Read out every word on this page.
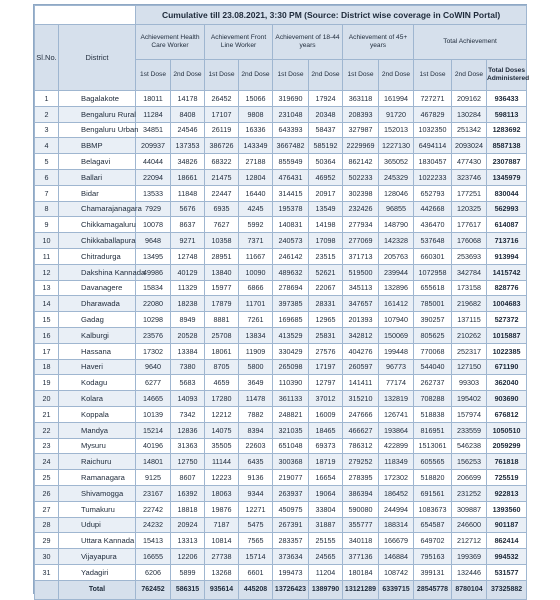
		Cumulative till 23.08.2021, 3:30 PM (Source: District wise coverage in CoWIN Portal)										
Sl.No.	District	Achievement Health Care Worker		Achievement Front Line Worker		Achievement of 18-44 years		Achievement of 45+ years		Total Achievement		
		1st Dose	2nd Dose	1st Dose	2nd Dose	1st Dose	2nd Dose	1st Dose	2nd Dose	1st Dose	2nd Dose	Total Doses Administered
1	Bagalakote	18011	14178	26452	15066	319690	17924	363118	161994	727271	209162	936433
2	Bengaluru Rural	11284	8408	17107	9808	231048	20348	208393	91720	467829	130284	598113
3	Bengaluru Urban	34851	24546	26119	16336	643393	58437	327987	152013	1032350	251342	1283692
4	BBMP	209937	137353	386726	143349	3667482	585192	2229969	1227130	6494114	2093024	8587138
5	Belagavi	44044	34826	68322	27188	855949	50364	862142	365052	1830457	477430	2307887
6	Ballari	22094	18661	21475	12804	476431	46952	502233	245329	1022233	323746	1345979
7	Bidar	13533	11848	22447	16440	314415	20917	302398	128046	652793	177251	830044
8	Chamarajanagara	7929	5676	6935	4245	195378	13549	232426	96855	442668	120325	562993
9	Chikkamagaluru	10078	8637	7627	5992	140831	14198	277934	148790	436470	177617	614087
10	Chikkaballapura	9648	9271	10358	7371	240573	17098	277069	142328	537648	176068	713716
11	Chitradurga	13495	12748	28951	11667	246142	23515	371713	205763	660301	253693	913994
12	Dakshina Kannada	49986	40129	13840	10090	489632	52621	519500	239944	1072958	342784	1415742
13	Davanagere	15834	11329	15977	6866	278694	22067	345113	132896	655618	173158	828776
14	Dharawada	22080	18238	17879	11701	397385	28331	347657	161412	785001	219682	1004683
15	Gadag	10298	8949	8881	7261	169685	12965	201393	107940	390257	137115	527372
16	Kalburgi	23576	20528	25708	13834	413529	25831	342812	150069	805625	210262	1015887
17	Hassana	17302	13384	18061	11909	330429	27576	404276	199448	770068	252317	1022385
18	Haveri	9640	7380	8705	5800	265098	17197	260597	96773	544040	127150	671190
19	Kodagu	6277	5683	4659	3649	110390	12797	141411	77174	262737	99303	362040
20	Kolara	14665	14093	17280	11478	361133	37012	315210	132819	708288	195402	903690
21	Koppala	10139	7342	12212	7882	248821	16009	247666	126741	518838	157974	676812
22	Mandya	15214	12836	14075	8394	321035	18465	466627	193864	816951	233559	1050510
23	Mysuru	40196	31363	35505	22603	651048	69373	786312	422899	1513061	546238	2059299
24	Raichuru	14801	12750	11144	6435	300368	18719	279252	118349	605565	156253	761818
25	Ramanagara	9125	8607	12223	9136	219077	16654	278395	172302	518820	206699	725519
26	Shivamogga	23167	16392	18063	9344	263937	19064	386394	186452	691561	231252	922813
27	Tumakuru	22742	18818	19876	12271	450975	33804	590080	244994	1083673	309887	1393560
28	Udupi	24232	20924	7187	5475	267391	31887	355777	188314	654587	246600	901187
29	Uttara Kannada	15413	13313	10814	7565	283357	25155	340118	166679	649702	212712	862414
30	Vijayapura	16655	12206	27738	15714	373634	24565	377136	146884	795163	199369	994532
31	Yadagiri	6206	5899	13268	6601	199473	11204	180184	108742	399131	132446	531577
	Total	762452	586315	935614	445208	13726423	1389790	13121289	6339715	28545778	8780104	37325882
